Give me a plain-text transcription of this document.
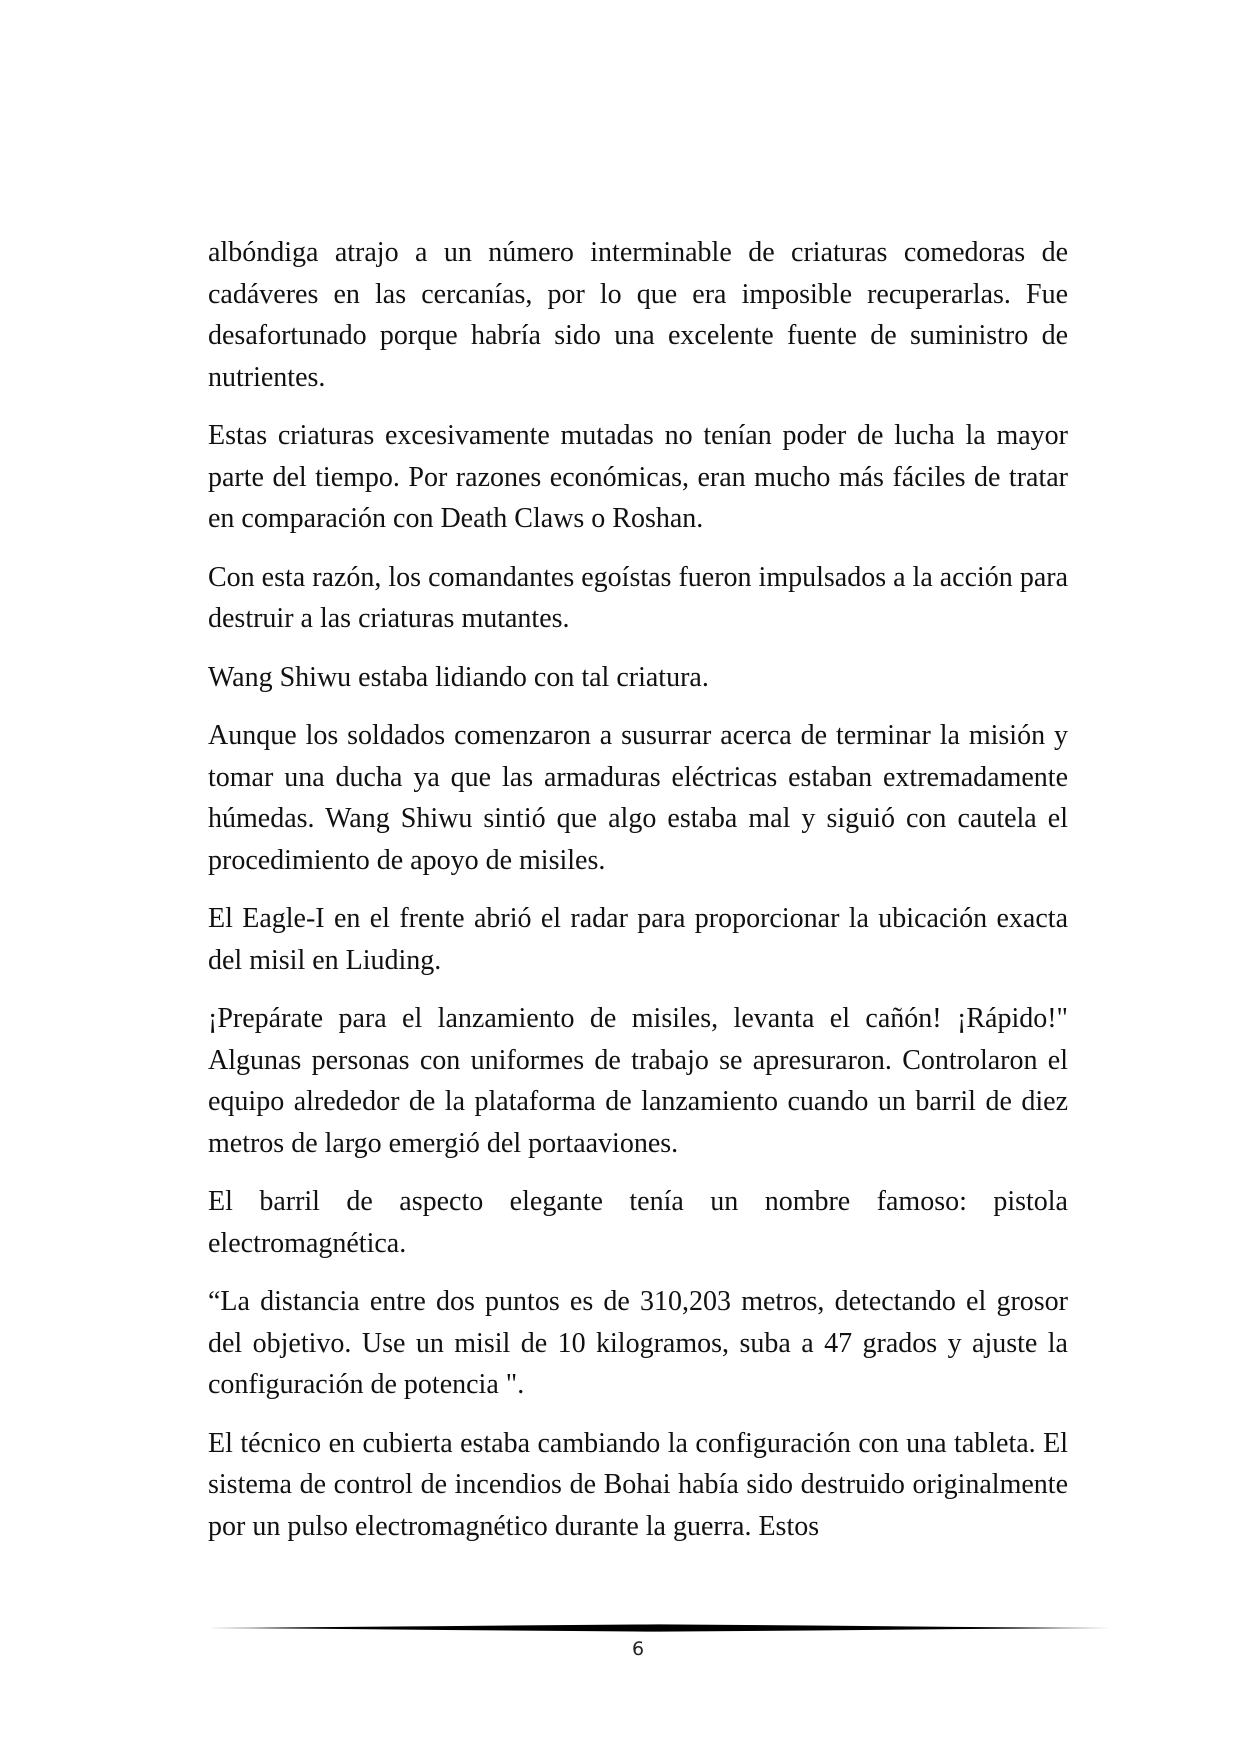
albóndiga atrajo a un número interminable de criaturas comedoras de cadáveres en las cercanías, por lo que era imposible recuperarlas. Fue desafortunado porque habría sido una excelente fuente de suministro de nutrientes.

Estas criaturas excesivamente mutadas no tenían poder de lucha la mayor parte del tiempo. Por razones económicas, eran mucho más fáciles de tratar en comparación con Death Claws o Roshan.

Con esta razón, los comandantes egoístas fueron impulsados a la acción para destruir a las criaturas mutantes.

Wang Shiwu estaba lidiando con tal criatura.

Aunque los soldados comenzaron a susurrar acerca de terminar la misión y tomar una ducha ya que las armaduras eléctricas estaban extremadamente húmedas. Wang Shiwu sintió que algo estaba mal y siguió con cautela el procedimiento de apoyo de misiles.

El Eagle-I en el frente abrió el radar para proporcionar la ubicación exacta del misil en Liuding.

¡Prepárate para el lanzamiento de misiles, levanta el cañón! ¡Rápido!" Algunas personas con uniformes de trabajo se apresuraron. Controlaron el equipo alrededor de la plataforma de lanzamiento cuando un barril de diez metros de largo emergió del portaaviones.

El barril de aspecto elegante tenía un nombre famoso: pistola electromagnética.

“La distancia entre dos puntos es de 310,203 metros, detectando el grosor del objetivo. Use un misil de 10 kilogramos, suba a 47 grados y ajuste la configuración de potencia ".

El técnico en cubierta estaba cambiando la configuración con una tableta. El sistema de control de incendios de Bohai había sido destruido originalmente por un pulso electromagnético durante la guerra. Estos

6
